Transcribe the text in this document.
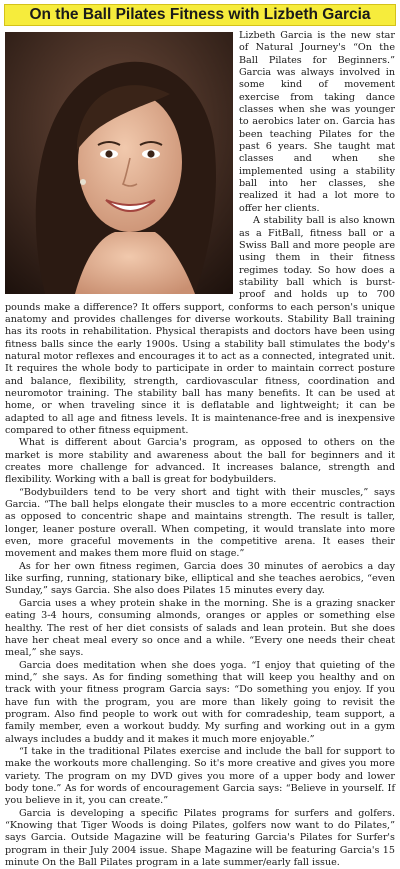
On the Ball Pilates Fitness with Lizbeth Garcia

Lizbeth Garcia is the new star of Natural Journey's “On the Ball Pilates for Beginners.” Garcia was always involved in some kind of movement exercise from taking dance classes when she was younger to aerobics later on. Garcia has been teaching Pilates for the past 6 years. She taught mat classes and when she implemented using a stability ball into her classes, she realized it had a lot more to offer her clients.

A stability ball is also known as a FitBall, fitness ball or a Swiss Ball and more people are using them in their fitness regimes today. So how does a stability ball which is burst-proof and holds up to 700 pounds make a difference? It offers support, conforms to each person's unique anatomy and provides challenges for diverse workouts. Stability Ball training has its roots in rehabilitation. Physical therapists and doctors have been using fitness balls since the early 1900s. Using a stability ball stimulates the body's natural motor reflexes and encourages it to act as a connected, integrated unit. It requires the whole body to participate in order to maintain correct posture and balance, flexibility, strength, cardiovascular fitness, coordination and neuromotor training. The stability ball has many benefits. It can be used at home, or when traveling since it is deflatable and lightweight; it can be adapted to all age and fitness levels. It is maintenance-free and is inexpensive compared to other fitness equipment.

What is different about Garcia's program, as opposed to others on the market is more stability and awareness about the ball for beginners and it creates more challenge for advanced. It increases balance, strength and flexibility. Working with a ball is great for bodybuilders.

“Bodybuilders tend to be very short and tight with their muscles,” says Garcia. “The ball helps elongate their muscles to a more eccentric contraction as opposed to concentric shape and maintains strength. The result is taller, longer, leaner posture overall. When competing, it would translate into more even, more graceful movements in the competitive arena. It eases their movement and makes them more fluid on stage.”

As for her own fitness regimen, Garcia does 30 minutes of aerobics a day like surfing, running, stationary bike, elliptical and she teaches aerobics, “even Sunday,” says Garcia. She also does Pilates 15 minutes every day.

Garcia uses a whey protein shake in the morning. She is a grazing snacker eating 3-4 hours, consuming almonds, oranges or apples or something else healthy. The rest of her diet consists of salads and lean protein. But she does have her cheat meal every so once and a while. “Every one needs their cheat meal,” she says.

Garcia does meditation when she does yoga. “I enjoy that quieting of the mind,” she says. As for finding something that will keep you healthy and on track with your fitness program Garcia says: “Do something you enjoy. If you have fun with the program, you are more than likely going to revisit the program. Also find people to work out with for comradeship, team support, a family member, even a workout buddy. My surfing and working out in a gym always includes a buddy and it makes it much more enjoyable.”

“I take in the traditional Pilates exercise and include the ball for support to make the workouts more challenging. So it's more creative and gives you more variety. The program on my DVD gives you more of a upper body and lower body tone.” As for words of encouragement Garcia says: “Believe in yourself. If you believe in it, you can create.”

Garcia is developing a specific Pilates programs for surfers and golfers. “Knowing that Tiger Woods is doing Pilates, golfers now want to do Pilates,” says Garcia. Outside Magazine will be featuring Garcia's Pilates for Surfer's program in their July 2004 issue. Shape Magazine will be featuring Garcia's 15 minute On the Ball Pilates program in a late summer/early fall issue.
